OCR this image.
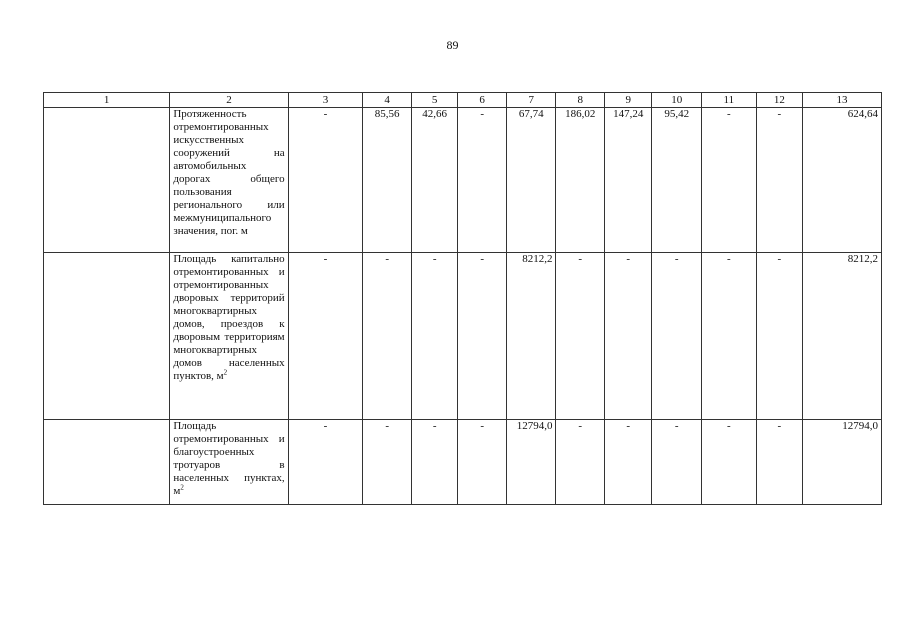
89
1	2	3	4	5	6	7	8	9	10	11	12	13
	Протяженность отремонтированных искусственных сооружений на автомобильных дорогах общего пользования регионального или межмуниципального значения, пог. м	-	85,56	42,66	-	67,74	186,02	147,24	95,42	-	-	624,64
	Площадь капитально отремонтированных и отремонтированных дворовых территорий многоквартирных домов, проездов к дворовым территориям многоквартирных домов населенных пунктов, $м^2$	-	-	-	-	8212,2	-	-	-	-	-	8212,2
	Площадь отремонтированных и благоустроенных тротуаров в населенных пунктах, $м^2$	-	-	-	-	12794,0	-	-	-	-	-	12794,0
